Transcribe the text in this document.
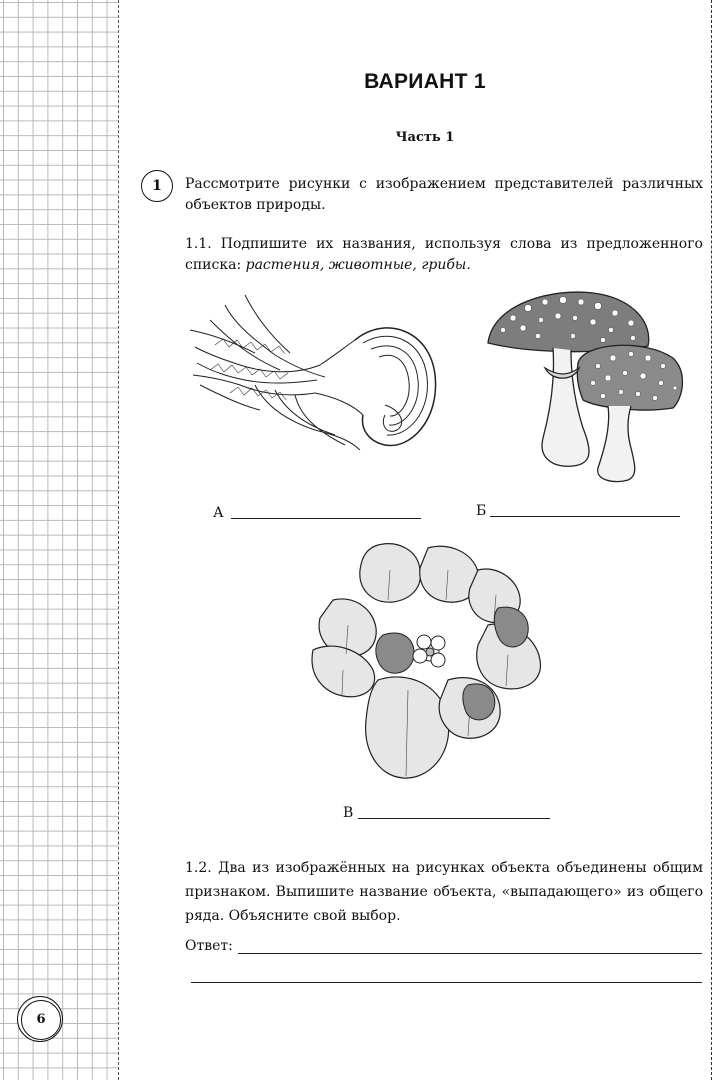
ВАРИАНТ 1
Часть 1
1	Рассмотрите рисунки с изображением представителей различных объектов природы.
1.1. Подпишите их названия, используя слова из предложенного списка: растения, животные, грибы.
А	Б
В
1.2. Два из изображённых на рисунках объекта объединены общим признаком. Выпишите название объекта, «выпадающего» из общего ряда. Объясните свой выбор.
Ответ:
6
